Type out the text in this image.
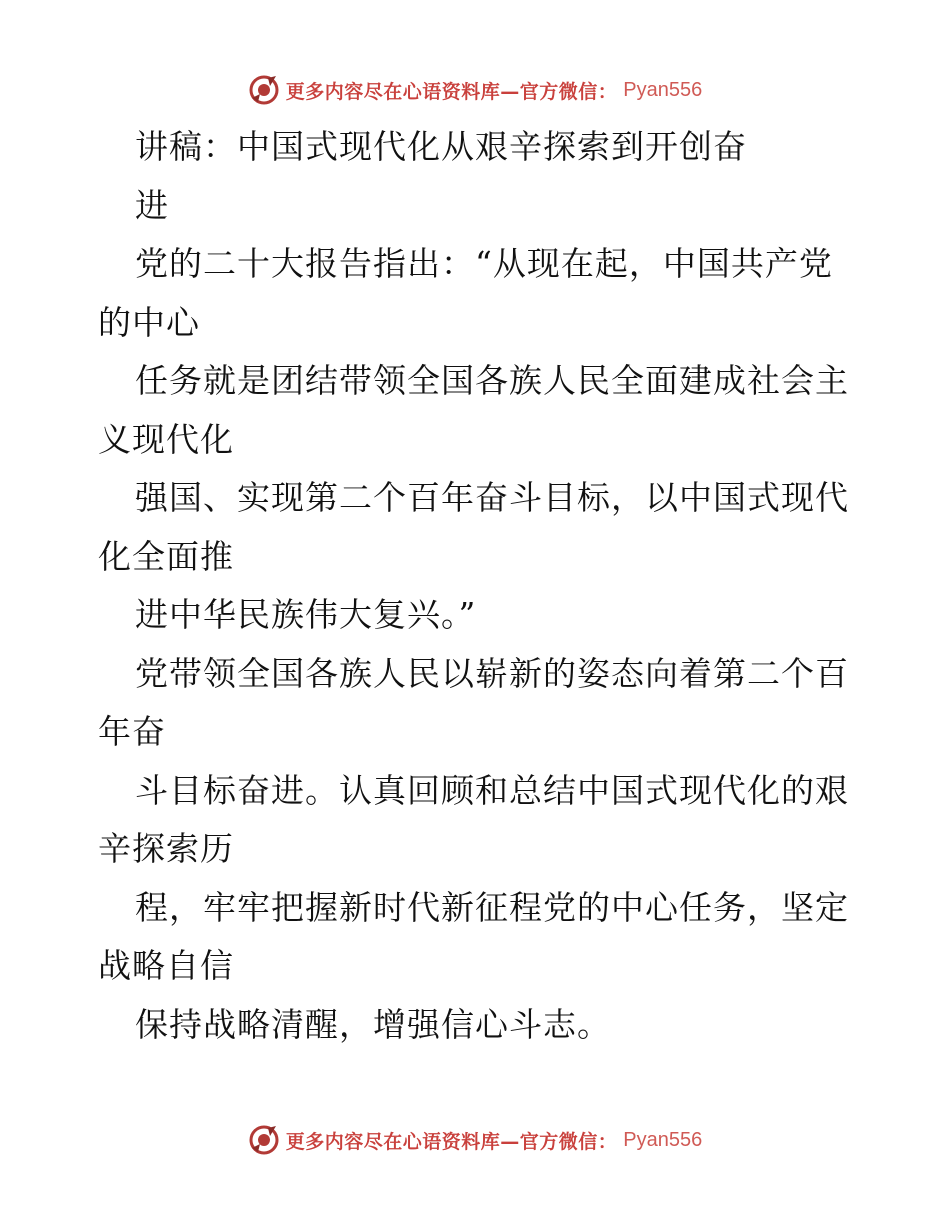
更多内容尽在心语资料库—官方微信： Pyan556
讲稿：中国式现代化从艰辛探索到开创奋
进
党的二十大报告指出：“从现在起，中国共产党
的中心
任务就是团结带领全国各族人民全面建成社会主
义现代化
强国、实现第二个百年奋斗目标，以中国式现代
化全面推
进中华民族伟大复兴。”
党带领全国各族人民以崭新的姿态向着第二个百
年奋
斗目标奋进。认真回顾和总结中国式现代化的艰
辛探索历
程，牢牢把握新时代新征程党的中心任务，坚定
战略自信
保持战略清醒，增强信心斗志。
更多内容尽在心语资料库—官方微信： Pyan556
